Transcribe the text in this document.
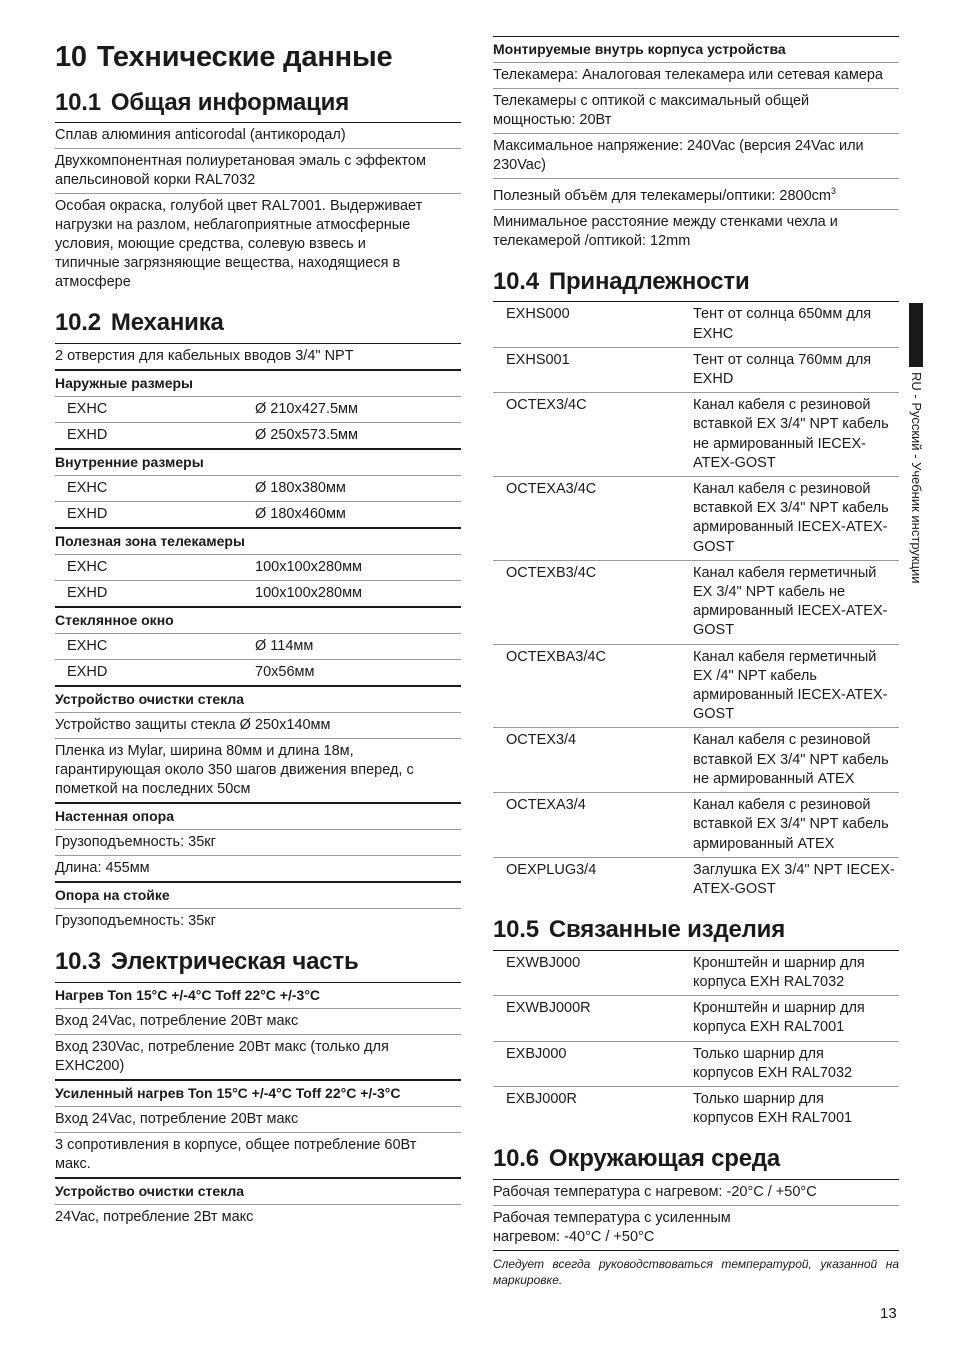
10 Технические данные
10.1 Общая информация
Сплав алюминия anticorodal (антикородал)
Двухкомпонентная полиуретановая эмаль с эффектом
апельсиновой корки RAL7032
Особая окраска, голубой цвет RAL7001. Выдерживает
нагрузки на разлом, неблагоприятные атмосферные
условия, моющие средства, солевую взвесь и
типичные загрязняющие вещества, находящиеся в
атмосфере
10.2 Механика
2 отверстия для кабельных вводов 3/4" NPT
Наружные размеры
EXHC	Ø 210x427.5мм
EXHD	Ø 250x573.5мм
Внутренние размеры
EXHC	Ø 180x380мм
EXHD	Ø 180x460мм
Полезная зона телекамеры
EXHC	100x100x280мм
EXHD	100x100x280мм
Стеклянное окно
EXHC	Ø 114мм
EXHD	70x56мм
Устройство очистки стекла
Устройство защиты стекла Ø 250x140мм
Пленка из Mylar, ширина 80мм и длина 18м,
гарантирующая около 350 шагов движения вперед, с
пометкой на последних 50см
Настенная опора
Грузоподъемность: 35кг
Длина: 455мм
Опора на стойке
Грузоподъемность: 35кг
10.3 Электрическая часть
Нагрев Ton 15°C +/-4°C Toff 22°C +/-3°C
Вход 24Vac, потребление 20Вт макс
Вход 230Vac, потребление 20Вт макс (только для
EXHC200)
Усиленный нагрев Ton 15°C +/-4°C Toff 22°C +/-3°C
Вход 24Vac, потребление 20Вт макс
3 сопротивления в корпусе, общее потребление 60Вт
макс.
Устройство очистки стекла
24Vac, потребление 2Вт макс
Монтируемые внутрь корпуса устройства
Телекамера: Аналоговая телекамера или сетевая камера
Телекамеры с оптикой с максимальный общей
мощностью: 20Вт
Максимальное напряжение: 240Vac (версия 24Vac или
230Vac)
Полезный объём для телекамеры/оптики: $2800cm^3$
Минимальное расстояние между стенками чехла и
телекамерой /оптикой: 12mm
10.4 Принадлежности
EXHS000	Тент от солнца 650мм для
EXHC
EXHS001	Тент от солнца 760мм для
EXHD
OCTEX3/4C	Канал кабеля с резиновой
вставкой EX 3/4" NPT кабель
не армированный IECEX-
ATEX-GOST
OCTEXA3/4C	Канал кабеля с резиновой
вставкой EX 3/4" NPT кабель
армированный IECEX-ATEX-
GOST
OCTEXB3/4C	Канал кабеля герметичный
EX 3/4" NPT кабель не
армированный IECEX-ATEX-
GOST
OCTEXBA3/4C	Канал кабеля герметичный
EX /4" NPT кабель
армированный IECEX-ATEX-
GOST
OCTEX3/4	Канал кабеля с резиновой
вставкой EX 3/4" NPT кабель
не армированный ATEX
OCTEXA3/4	Канал кабеля с резиновой
вставкой EX 3/4" NPT кабель
армированный ATEX
OEXPLUG3/4	Заглушка EX 3/4" NPT IECEX-
ATEX-GOST
10.5 Связанные изделия
EXWBJ000	Кронштейн и шарнир для
корпуса EXH RAL7032
EXWBJ000R	Кронштейн и шарнир для
корпуса EXH RAL7001
EXBJ000	Только шарнир для
корпусов EXH RAL7032
EXBJ000R	Только шарнир для
корпусов EXH RAL7001
10.6 Окружающая среда
Рабочая температура с нагревом: -20°C / +50°C
Рабочая температура с усиленным
нагревом: -40°C / +50°C
Следует всегда руководствоваться температурой, указанной на маркировке.
RU - Русский - Учебник инструкции
13
